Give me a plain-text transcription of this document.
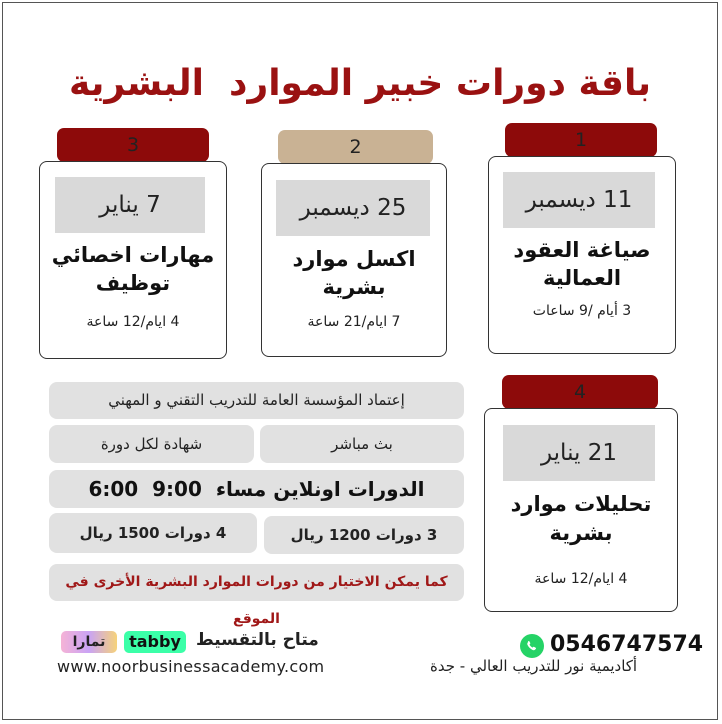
باقة دورات خبير الموارد  البشرية
3
7 يناير
مهارات اخصائي
توظيف
4 ايام/12 ساعة
2
25 ديسمبر
اكسل موارد
بشرية
7 ايام/21 ساعة
1
11 ديسمبر
صياغة العقود
العمالية
3 أيام /9 ساعات
4
21 يناير
تحليلات موارد
بشرية
4 ايام/12 ساعة
إعتماد المؤسسة العامة للتدريب التقني و المهني
بث مباشر
شهادة لكل دورة
الدورات اونلاين مساء  9:00  6:00
3 دورات 1200 ريال
4 دورات 1500 ريال
كما يمكن الاختيار من دورات الموارد البشرية الأخرى في الموقع
تمارا	tabby متاح بالتقسيط
www.noorbusinessacademy.com
0546747574
أكاديمية نور للتدريب العالي - جدة
